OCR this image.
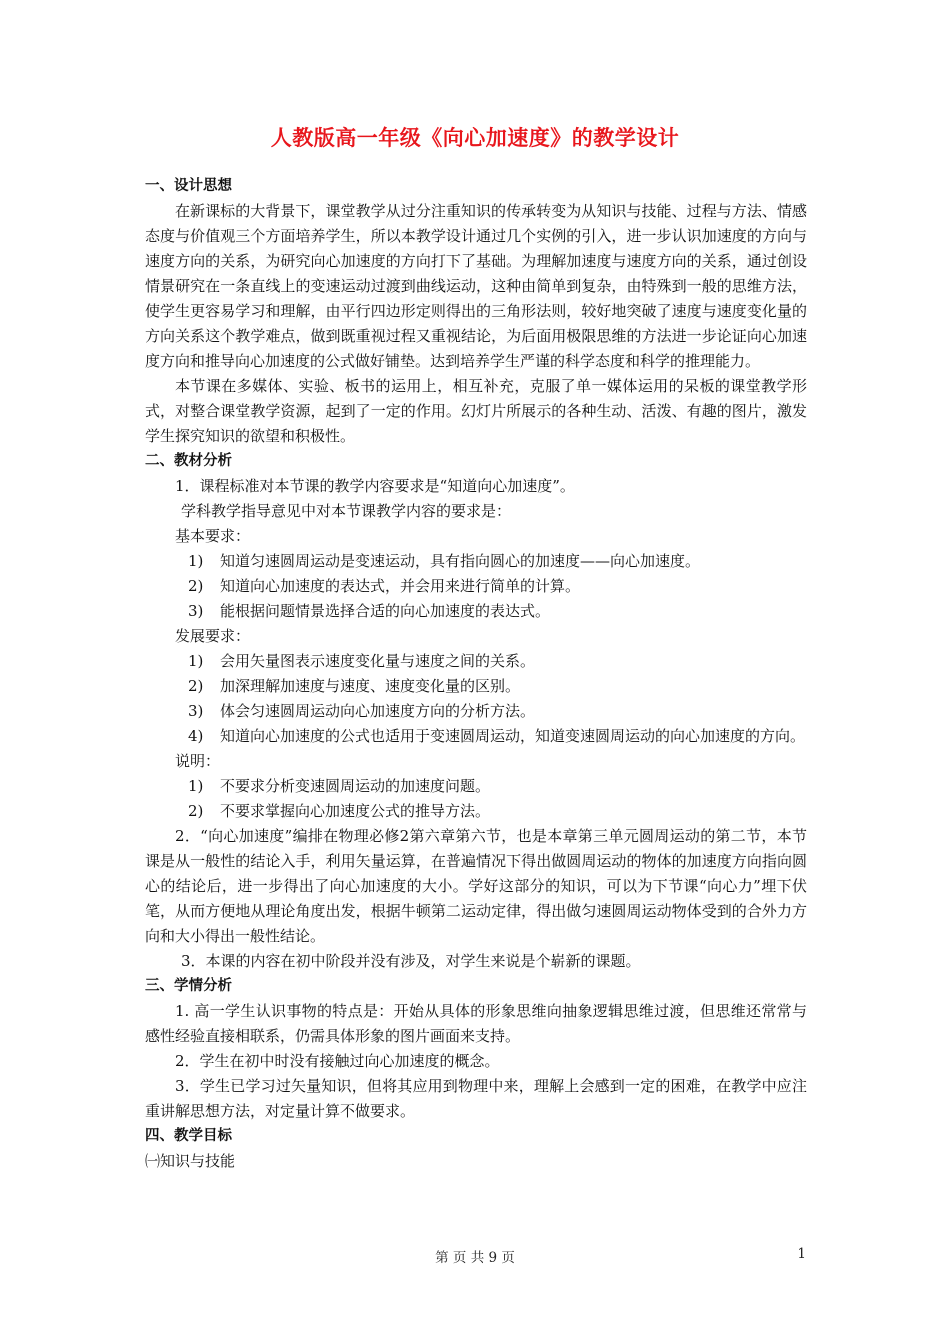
人教版高一年级《向心加速度》的教学设计

一、设计思想

在新课标的大背景下，课堂教学从过分注重知识的传承转变为从知识与技能、过程与方法、情感态度与价值观三个方面培养学生，所以本教学设计通过几个实例的引入，进一步认识加速度的方向与速度方向的关系，为研究向心加速度的方向打下了基础。为理解加速度与速度方向的关系，通过创设情景研究在一条直线上的变速运动过渡到曲线运动，这种由简单到复杂，由特殊到一般的思维方法，使学生更容易学习和理解，由平行四边形定则得出的三角形法则，较好地突破了速度与速度变化量的方向关系这个教学难点，做到既重视过程又重视结论，为后面用极限思维的方法进一步论证向心加速度方向和推导向心加速度的公式做好铺垫。达到培养学生严谨的科学态度和科学的推理能力。

本节课在多媒体、实验、板书的运用上，相互补充，克服了单一媒体运用的呆板的课堂教学形式，对整合课堂教学资源，起到了一定的作用。幻灯片所展示的各种生动、活泼、有趣的图片，激发学生探究知识的欲望和积极性。

二、教材分析

1．课程标准对本节课的教学内容要求是“知道向心加速度”。

学科教学指导意见中对本节课教学内容的要求是：

基本要求：

1) 知道匀速圆周运动是变速运动，具有指向圆心的加速度——向心加速度。

2) 知道向心加速度的表达式，并会用来进行简单的计算。

3) 能根据问题情景选择合适的向心加速度的表达式。

发展要求：

1) 会用矢量图表示速度变化量与速度之间的关系。

2) 加深理解加速度与速度、速度变化量的区别。

3) 体会匀速圆周运动向心加速度方向的分析方法。

4) 知道向心加速度的公式也适用于变速圆周运动，知道变速圆周运动的向心加速度的方向。

说明：

1) 不要求分析变速圆周运动的加速度问题。

2) 不要求掌握向心加速度公式的推导方法。

2．“向心加速度”编排在物理必修2第六章第六节，也是本章第三单元圆周运动的第二节，本节课是从一般性的结论入手，利用矢量运算，在普遍情况下得出做圆周运动的物体的加速度方向指向圆心的结论后，进一步得出了向心加速度的大小。学好这部分的知识，可以为下节课“向心力”埋下伏笔，从而方便地从理论角度出发，根据牛顿第二运动定律，得出做匀速圆周运动物体受到的合外力方向和大小得出一般性结论。

3．本课的内容在初中阶段并没有涉及，对学生来说是个崭新的课题。

三、学情分析

1. 高一学生认识事物的特点是：开始从具体的形象思维向抽象逻辑思维过渡，但思维还常常与感性经验直接相联系，仍需具体形象的图片画面来支持。

2．学生在初中时没有接触过向心加速度的概念。

3．学生已学习过矢量知识，但将其应用到物理中来，理解上会感到一定的困难，在教学中应注重讲解思想方法，对定量计算不做要求。

四、教学目标

㈠知识与技能

第 页 共 9 页	1
